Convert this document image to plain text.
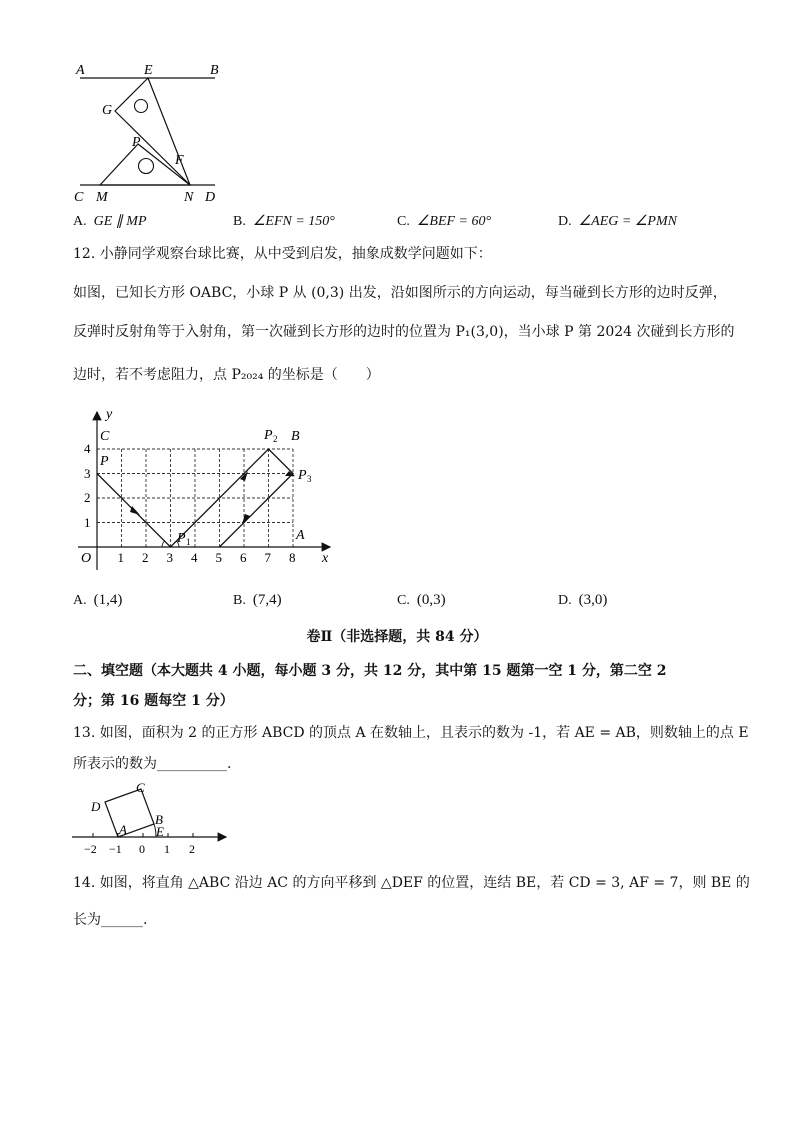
A	E	B
G
P
F
C M	N D
A. GE ∥ MP	B. ∠EFN = 150°	C. ∠BEF = 60°	D. ∠AEG = ∠PMN
12. 小静同学观察台球比赛，从中受到启发，抽象成数学问题如下：
如图，已知长方形 OABC，小球 P 从 (0,3) 出发，沿如图所示的方向运动，每当碰到长方形的边时反弹，
反弹时反射角等于入射角，第一次碰到长方形的边时的位置为 P₁(3,0)，当小球 P 第 2024 次碰到长方形的
边时，若不考虑阻力，点 P₂₀₂₄ 的坐标是（　　）
y
x
O 1 2 3 4 5 6 7 8
1
2
3
4
C
P
B
A
P 1
P 2
P 3
A. (1,4)	B. (7,4)	C. (0,3)	D. (3,0)
卷Ⅱ（非选择题，共 84 分）
二、填空题（本大题共 4 小题，每小题 3 分，共 12 分，其中第 15 题第一空 1 分，第二空 2
分；第 16 题每空 1 分）
13. 如图，面积为 2 的正方形 ABCD 的顶点 A 在数轴上，且表示的数为 -1，若 AE = AB，则数轴上的点 E
所表示的数为__________.
A
B
C
D
E
−2 −1 0 1 2
14. 如图，将直角 △ABC 沿边 AC 的方向平移到 △DEF 的位置，连结 BE，若 CD = 3, AF = 7，则 BE 的
长为______.
